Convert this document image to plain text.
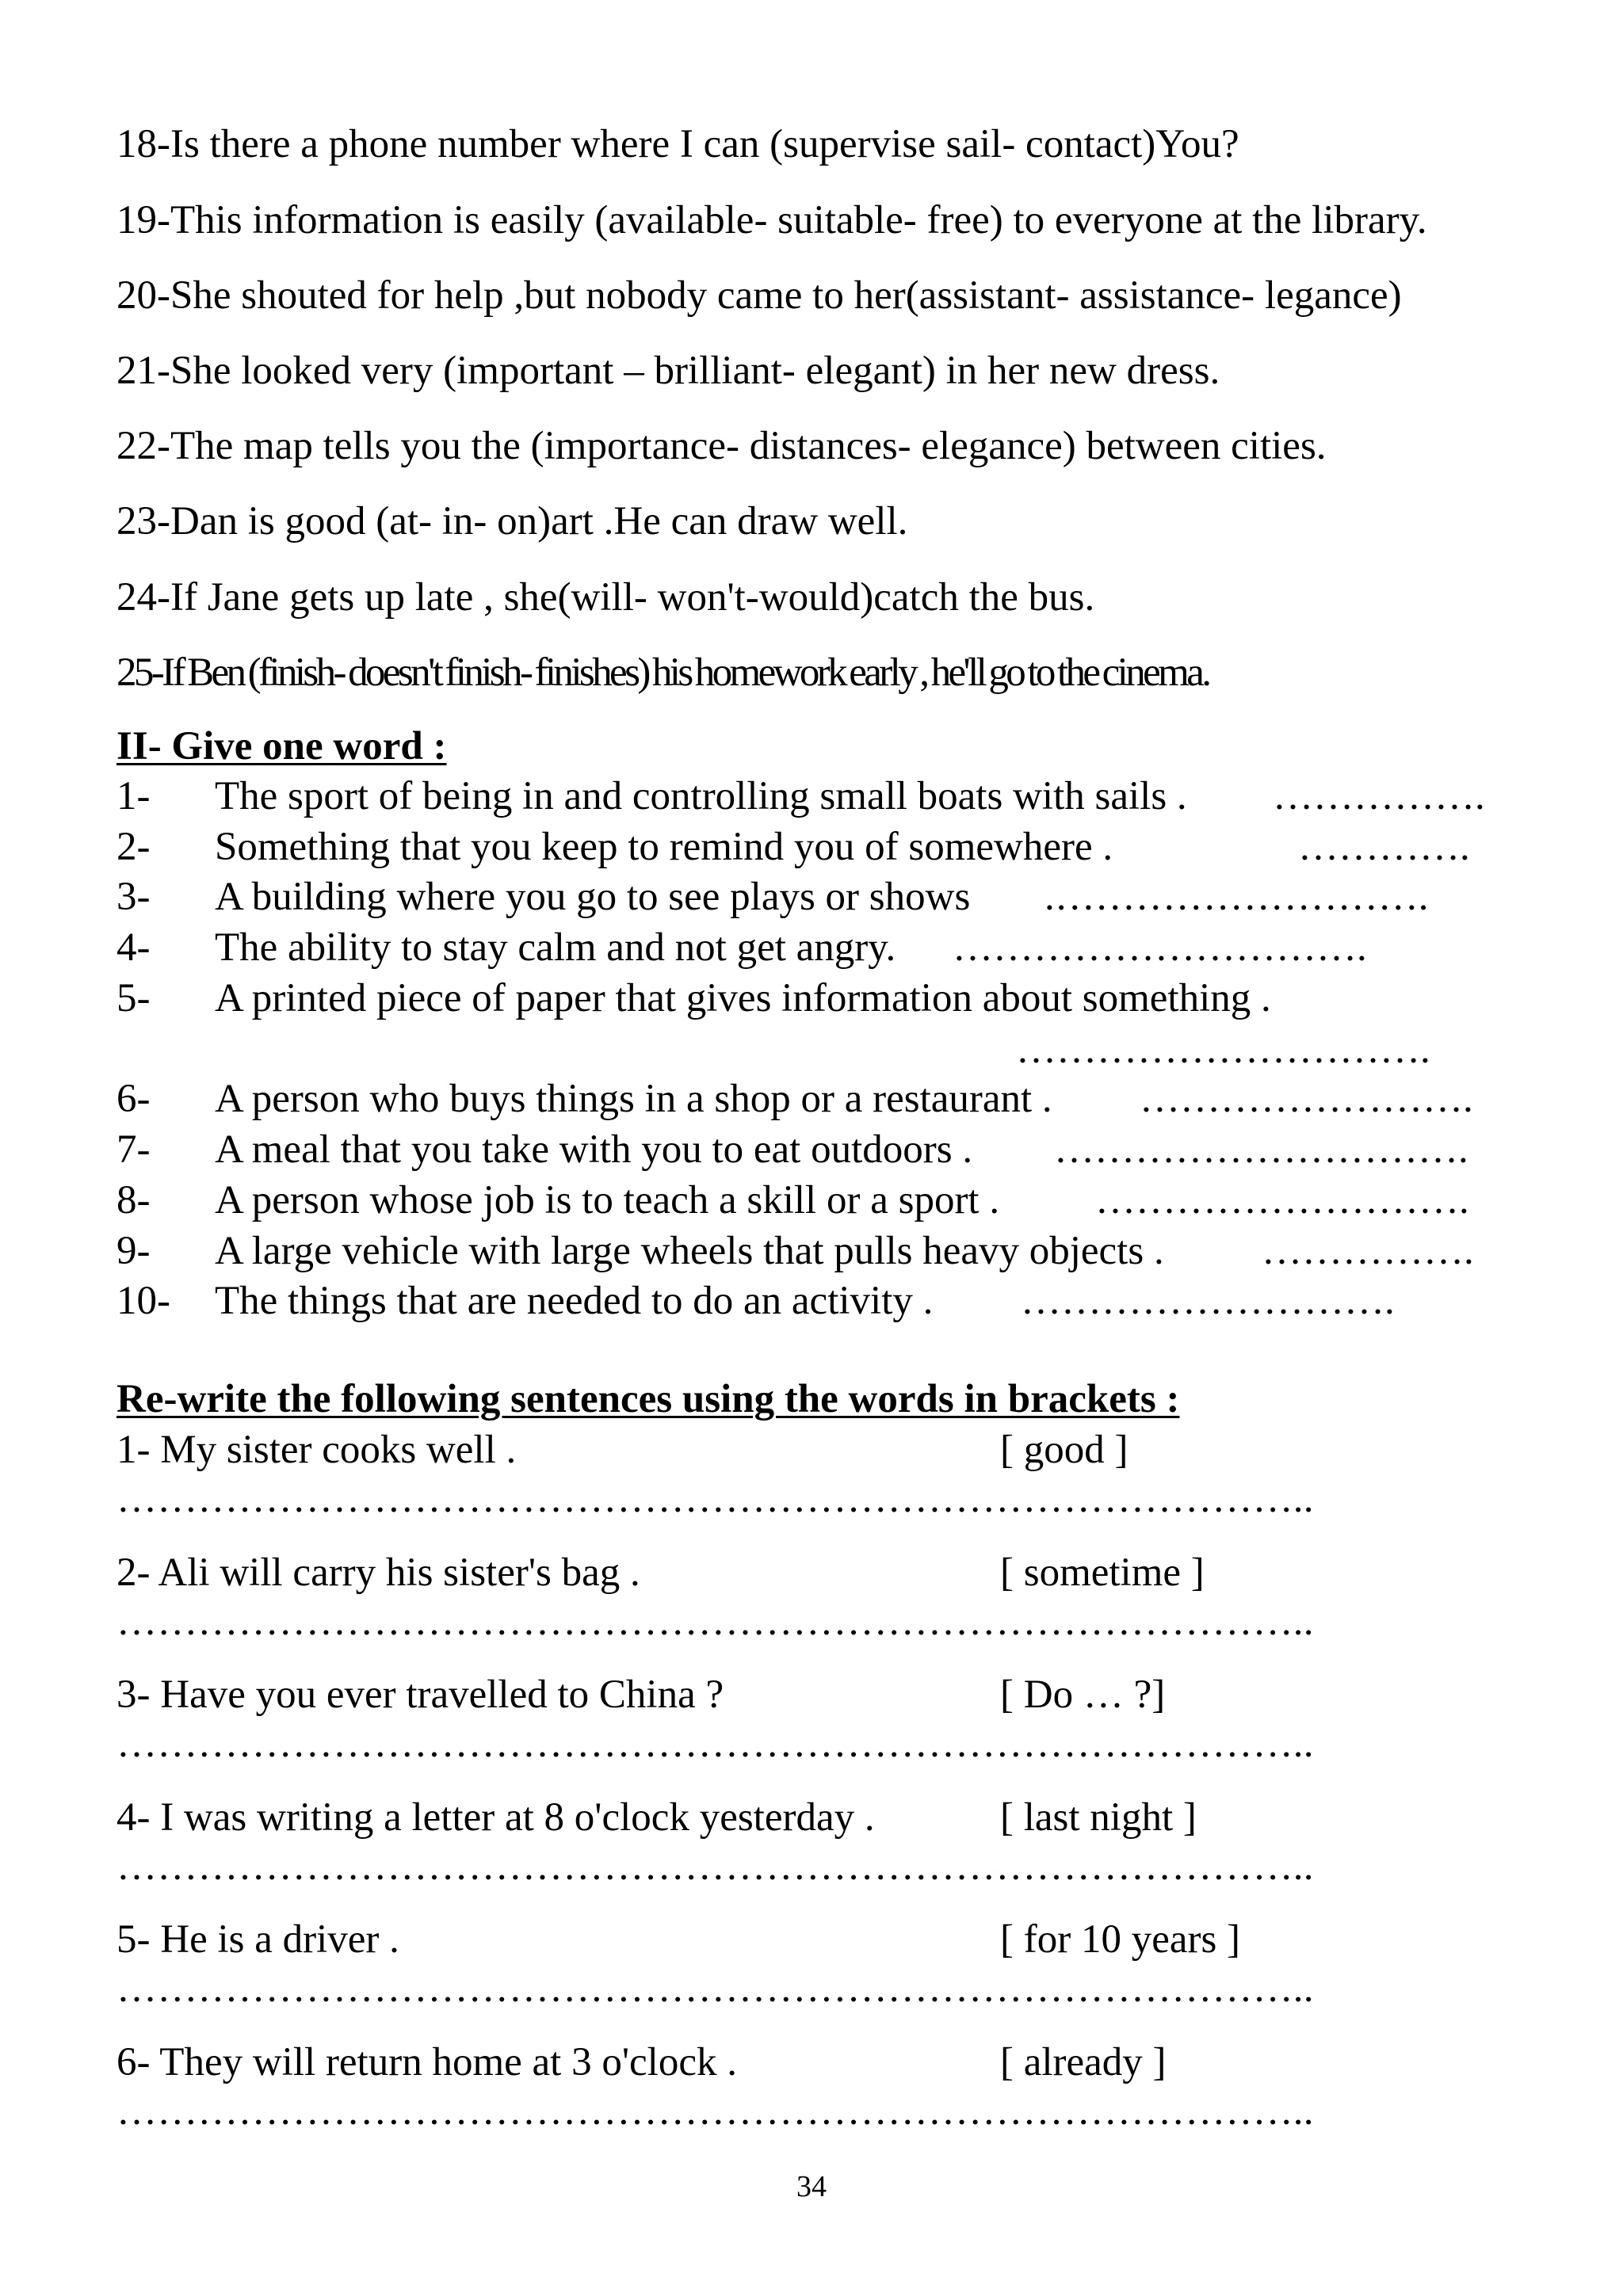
18-Is there a phone number where I can (supervise sail- contact)You?
19-This information is easily (available- suitable- free) to everyone at the library.
20-She shouted for help ,but nobody came to her(assistant- assistance- legance)
21-She looked very (important – brilliant- elegant) in her new dress.
22-The map tells you the (importance- distances- elegance) between cities.
23-Dan is good (at- in- on)art .He can draw well.
24-If Jane gets up late , she(will- won't-would)catch the bus.
25-If Ben (finish- doesn't finish- finishes) his homework early , he'll go to the cinema.
II- Give one word :
1- The sport of being in and controlling small boats with sails . …………….
2- Something that you keep to remind you of somewhere .	………….
3- A building where you go to see plays or shows .……………………….
4- The ability to stay calm and not get angry. ………………………….
5- A printed piece of paper that gives information about something .
………………………….
6- A person who buys things in a shop or a restaurant . …………………….
7- A meal that you take with you to eat outdoors . ………………………….
8- A person whose job is to teach a skill or a sport . ……………………….
9- A large vehicle with large wheels that pulls heavy objects . …………….
10- The things that are needed to do an activity . ……………………….
Re-write the following sentences using the words in brackets :
1- My sister cooks well .	[ good ]
……………………………………………………………………………..
2- Ali will carry his sister's bag .	[ sometime ]
……………………………………………………………………………..
3- Have you ever travelled to China ?	[ Do … ?]
……………………………………………………………………………..
4- I was writing a letter at 8 o'clock yesterday .	[ last night ]
……………………………………………………………………………..
5- He is a driver .	[ for 10 years ]
……………………………………………………………………………..
6- They will return home at 3 o'clock .	[ already ]
……………………………………………………………………………..
34
